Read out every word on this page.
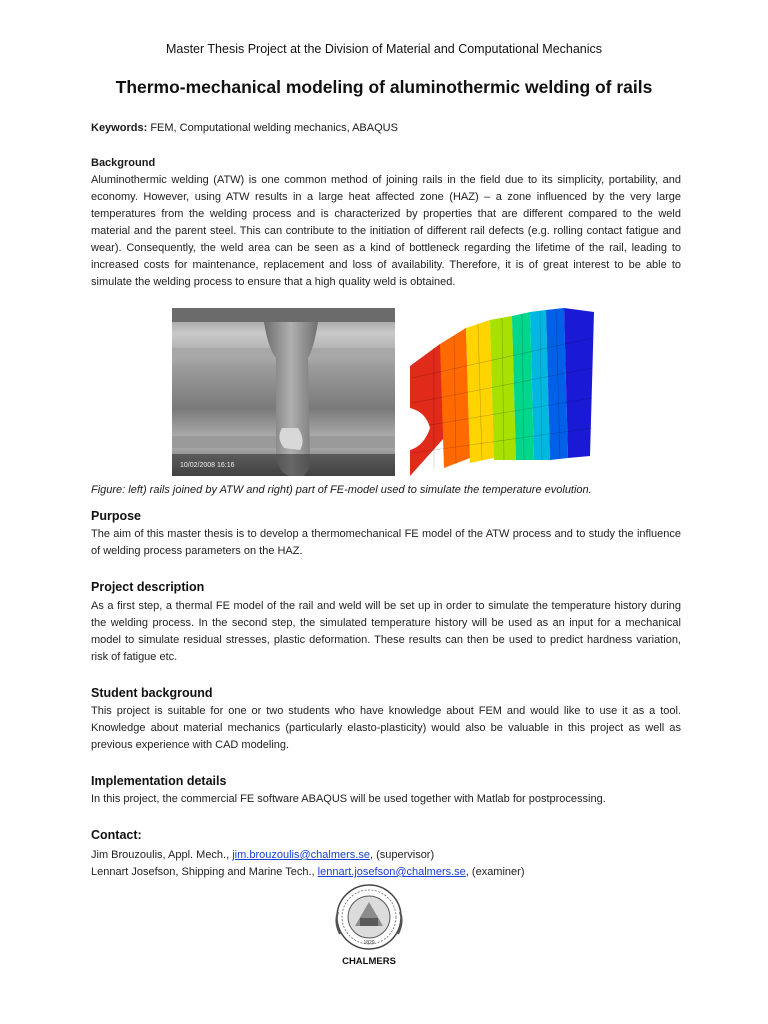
Master Thesis Project at the Division of Material and Computational Mechanics
Thermo-mechanical modeling of aluminothermic welding of rails
Keywords: FEM, Computational welding mechanics, ABAQUS
Background
Aluminothermic welding (ATW) is one common method of joining rails in the field due to its simplicity, portability, and economy. However, using ATW results in a large heat affected zone (HAZ) – a zone influenced by the very large temperatures from the welding process and is characterized by properties that are different compared to the weld material and the parent steel. This can contribute to the initiation of different rail defects (e.g. rolling contact fatigue and wear). Consequently, the weld area can be seen as a kind of bottleneck regarding the lifetime of the rail, leading to increased costs for maintenance, replacement and loss of availability. Therefore, it is of great interest to be able to simulate the welding process to ensure that a high quality weld is obtained.
10/02/2008 16:16
Figure: left) rails joined by ATW and right) part of FE-model used to simulate the temperature evolution.
Purpose
The aim of this master thesis is to develop a thermomechanical FE model of the ATW process and to study the influence of welding process parameters on the HAZ.
Project description
As a first step, a thermal FE model of the rail and weld will be set up in order to simulate the temperature history during the welding process. In the second step, the simulated temperature history will be used as an input for a mechanical model to simulate residual stresses, plastic deformation. These results can then be used to predict hardness variation, risk of fatigue etc.
Student background
This project is suitable for one or two students who have knowledge about FEM and would like to use it as a tool. Knowledge about material mechanics (particularly elasto-plasticity) would also be valuable in this project as well as previous experience with CAD modeling.
Implementation details
In this project, the commercial FE software ABAQUS will be used together with Matlab for postprocessing.
Contact:
Jim Brouzoulis, Appl. Mech., jim.brouzoulis@chalmers.se, (supervisor)
Lennart Josefson, Shipping and Marine Tech., lennart.josefson@chalmers.se, (examiner)
1829
CHALMERS
